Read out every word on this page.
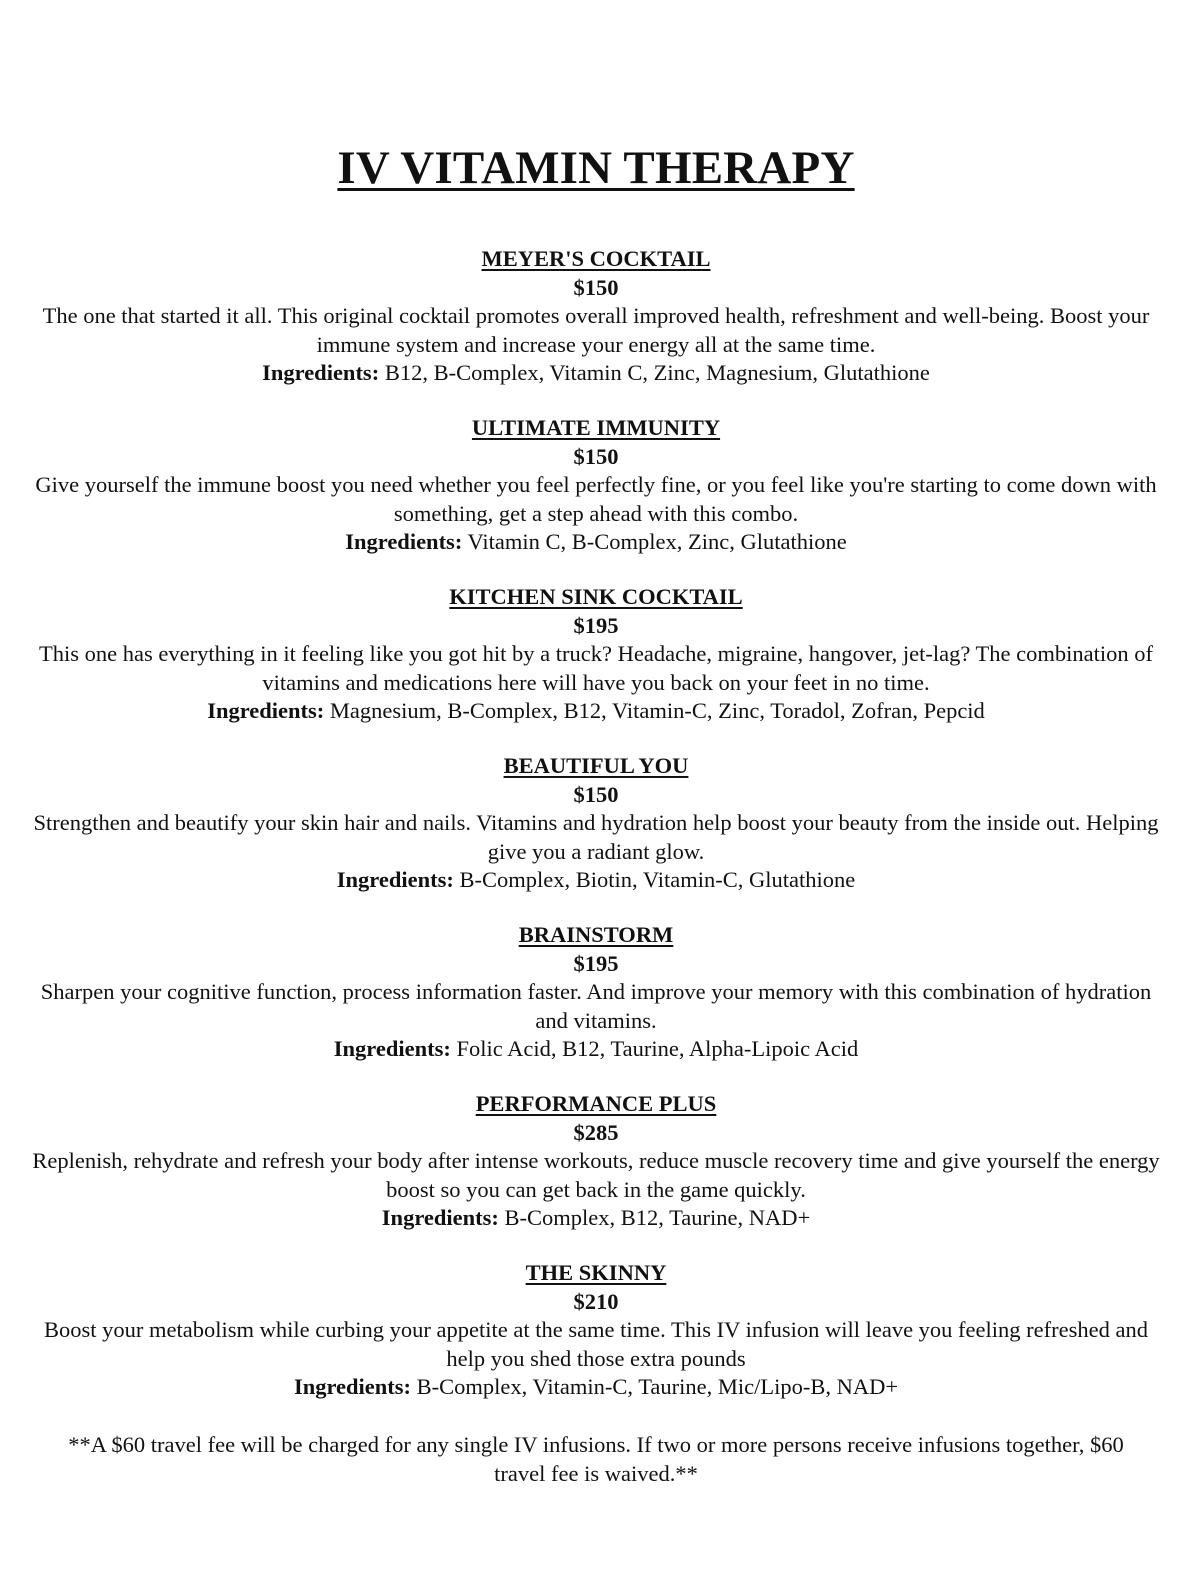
IV VITAMIN THERAPY
MEYER'S COCKTAIL
$150
The one that started it all. This original cocktail promotes overall improved health, refreshment and well-being. Boost your immune system and increase your energy all at the same time.
Ingredients: B12, B-Complex, Vitamin C, Zinc, Magnesium, Glutathione
ULTIMATE IMMUNITY
$150
Give yourself the immune boost you need whether you feel perfectly fine, or you feel like you're starting to come down with something, get a step ahead with this combo.
Ingredients: Vitamin C, B-Complex, Zinc, Glutathione
KITCHEN SINK COCKTAIL
$195
This one has everything in it feeling like you got hit by a truck? Headache, migraine, hangover, jet-lag? The combination of vitamins and medications here will have you back on your feet in no time.
Ingredients: Magnesium, B-Complex, B12, Vitamin-C, Zinc, Toradol, Zofran, Pepcid
BEAUTIFUL YOU
$150
Strengthen and beautify your skin hair and nails. Vitamins and hydration help boost your beauty from the inside out. Helping give you a radiant glow.
Ingredients: B-Complex, Biotin, Vitamin-C, Glutathione
BRAINSTORM
$195
Sharpen your cognitive function, process information faster. And improve your memory with this combination of hydration and vitamins.
Ingredients: Folic Acid, B12, Taurine, Alpha-Lipoic Acid
PERFORMANCE PLUS
$285
Replenish, rehydrate and refresh your body after intense workouts, reduce muscle recovery time and give yourself the energy boost so you can get back in the game quickly.
Ingredients: B-Complex, B12, Taurine, NAD+
THE SKINNY
$210
Boost your metabolism while curbing your appetite at the same time. This IV infusion will leave you feeling refreshed and help you shed those extra pounds
Ingredients: B-Complex, Vitamin-C, Taurine, Mic/Lipo-B, NAD+
**A $60 travel fee will be charged for any single IV infusions. If two or more persons receive infusions together, $60 travel fee is waived.**
